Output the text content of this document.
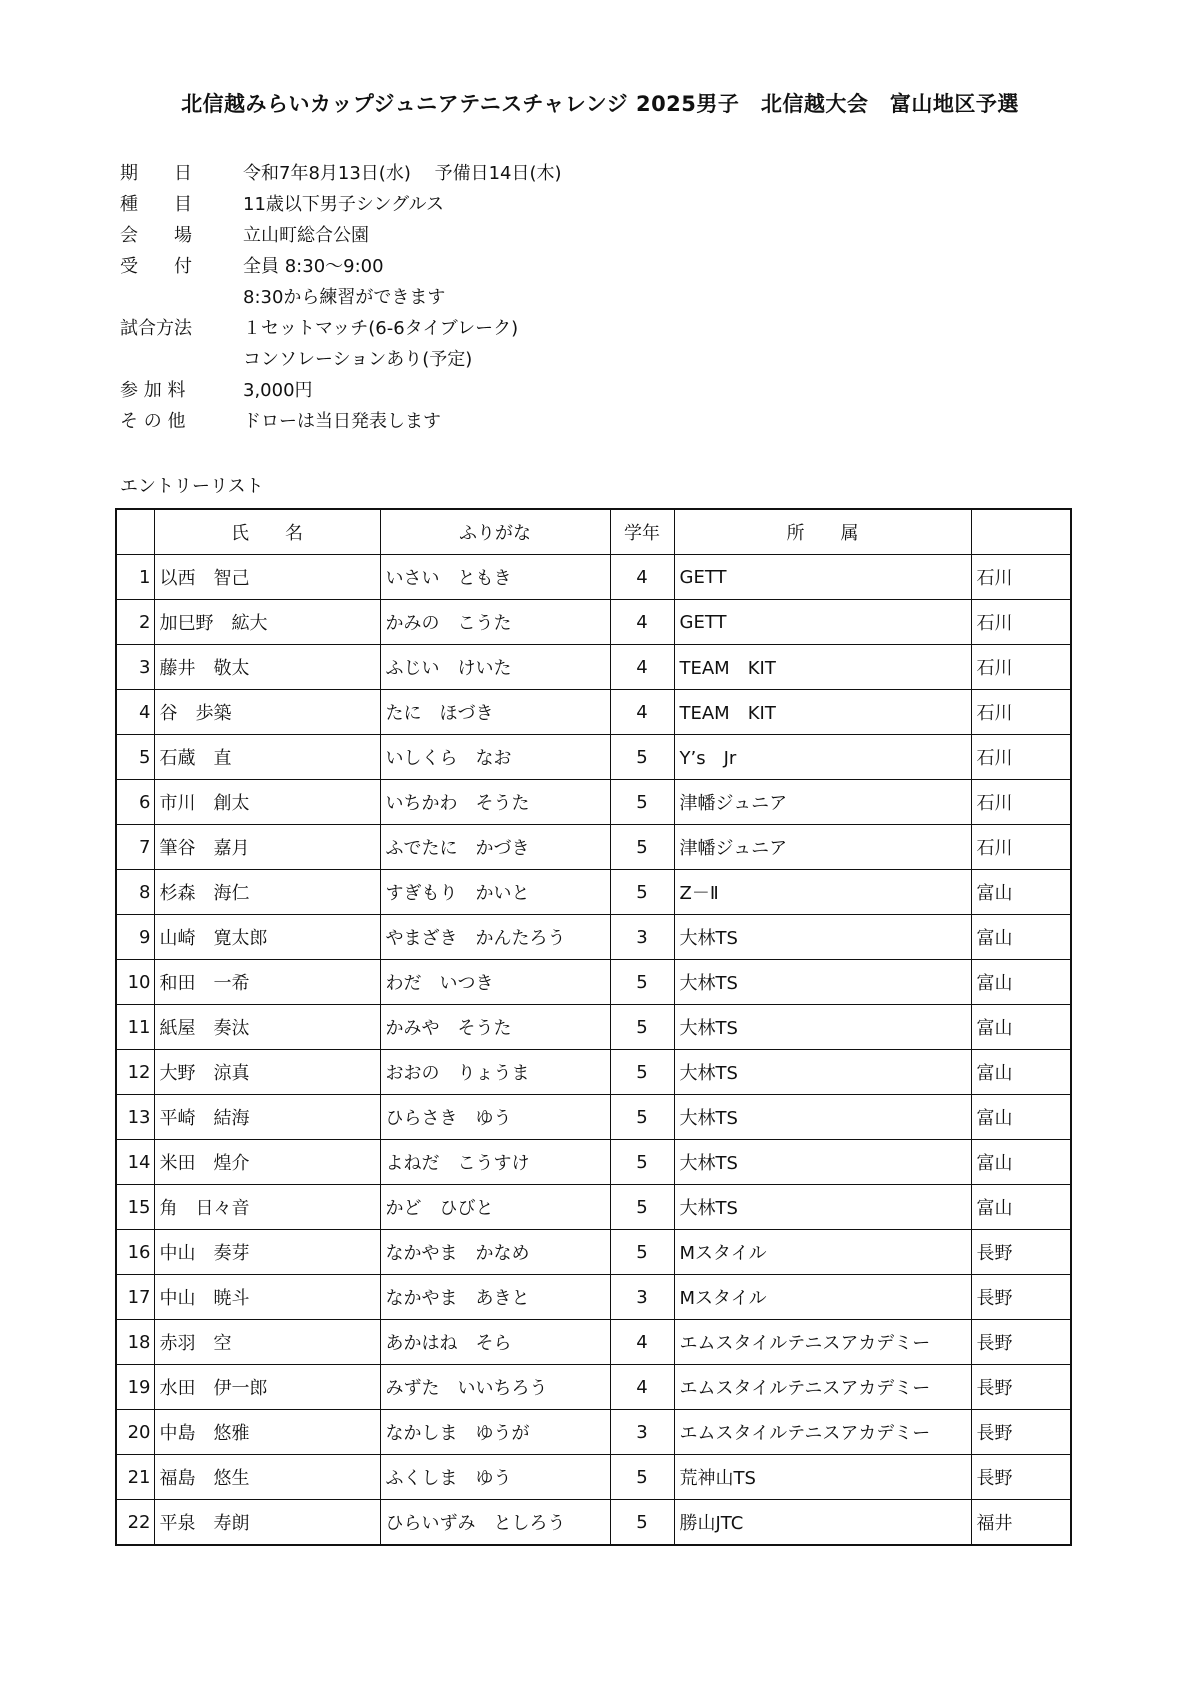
北信越みらいカップジュニアテニスチャレンジ 2025男子　北信越大会　富山地区予選
期　　日	令和7年8月13日(水)　 予備日14日(木)
種　　目	11歳以下男子シングルス
会　　場	立山町総合公園
受　　付	全員 8:30～9:00
8:30から練習ができます
試合方法	１セットマッチ(6-6タイブレーク)
コンソレーションあり(予定)
参 加 料	3,000円
そ の 他	ドローは当日発表します
エントリーリスト
	氏　　名	ふりがな	学年	所　　属	
1	以西　智己	いさい　ともき	4	GETT	石川
2	加巳野　絋大	かみの　こうた	4	GETT	石川
3	藤井　敬太	ふじい　けいた	4	TEAM　KIT	石川
4	谷　歩築	たに　ほづき	4	TEAM　KIT	石川
5	石蔵　直	いしくら　なお	5	Y’s　Jr	石川
6	市川　創太	いちかわ　そうた	5	津幡ジュニア	石川
7	筆谷　嘉月	ふでたに　かづき	5	津幡ジュニア	石川
8	杉森　海仁	すぎもり　かいと	5	Z－Ⅱ	富山
9	山崎　寛太郎	やまざき　かんたろう	3	大林TS	富山
10	和田　一希	わだ　いつき	5	大林TS	富山
11	紙屋　奏汰	かみや　そうた	5	大林TS	富山
12	大野　涼真	おおの　りょうま	5	大林TS	富山
13	平崎　結海	ひらさき　ゆう	5	大林TS	富山
14	米田　煌介	よねだ　こうすけ	5	大林TS	富山
15	角　日々音	かど　ひびと	5	大林TS	富山
16	中山　奏芽	なかやま　かなめ	5	Mスタイル	長野
17	中山　暁斗	なかやま　あきと	3	Mスタイル	長野
18	赤羽　空	あかはね　そら	4	エムスタイルテニスアカデミー	長野
19	水田　伊一郎	みずた　いいちろう	4	エムスタイルテニスアカデミー	長野
20	中島　悠雅	なかしま　ゆうが	3	エムスタイルテニスアカデミー	長野
21	福島　悠生	ふくしま　ゆう	5	荒神山TS	長野
22	平泉　寿朗	ひらいずみ　としろう	5	勝山JTC	福井
